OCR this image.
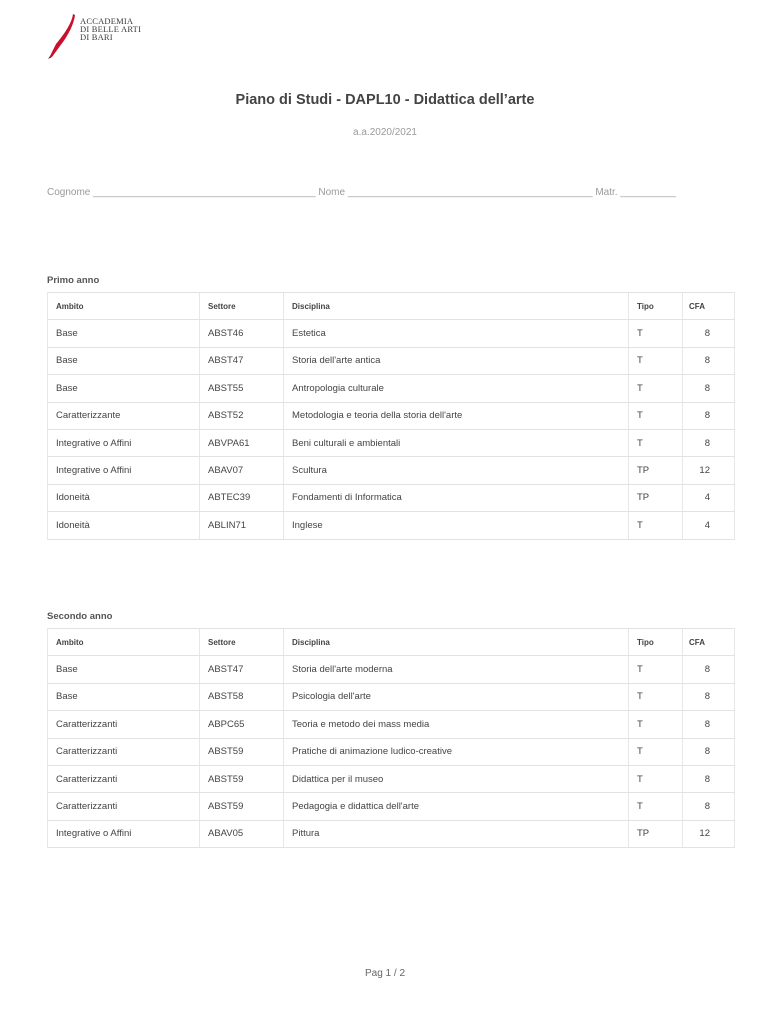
ACCADEMIA
DI BELLE ARTI
DI BARI
Piano di Studi - DAPL10 - Didattica dell’arte
a.a.2020/2021
Cognome ________________________________________ Nome ____________________________________________ Matr. __________
Primo anno
Ambito	Settore	Disciplina	Tipo	CFA
Base	ABST46	Estetica	T	8
Base	ABST47	Storia dell'arte antica	T	8
Base	ABST55	Antropologia culturale	T	8
Caratterizzante	ABST52	Metodologia e teoria della storia dell'arte	T	8
Integrative o Affini	ABVPA61	Beni culturali e ambientali	T	8
Integrative o Affini	ABAV07	Scultura	TP	12
Idoneità	ABTEC39	Fondamenti di Informatica	TP	4
Idoneità	ABLIN71	Inglese	T	4
Secondo anno
Ambito	Settore	Disciplina	Tipo	CFA
Base	ABST47	Storia dell'arte moderna	T	8
Base	ABST58	Psicologia dell'arte	T	8
Caratterizzanti	ABPC65	Teoria e metodo dei mass media	T	8
Caratterizzanti	ABST59	Pratiche di animazione ludico-creative	T	8
Caratterizzanti	ABST59	Didattica per il museo	T	8
Caratterizzanti	ABST59	Pedagogia e didattica dell'arte	T	8
Integrative o Affini	ABAV05	Pittura	TP	12
Pag 1 / 2
